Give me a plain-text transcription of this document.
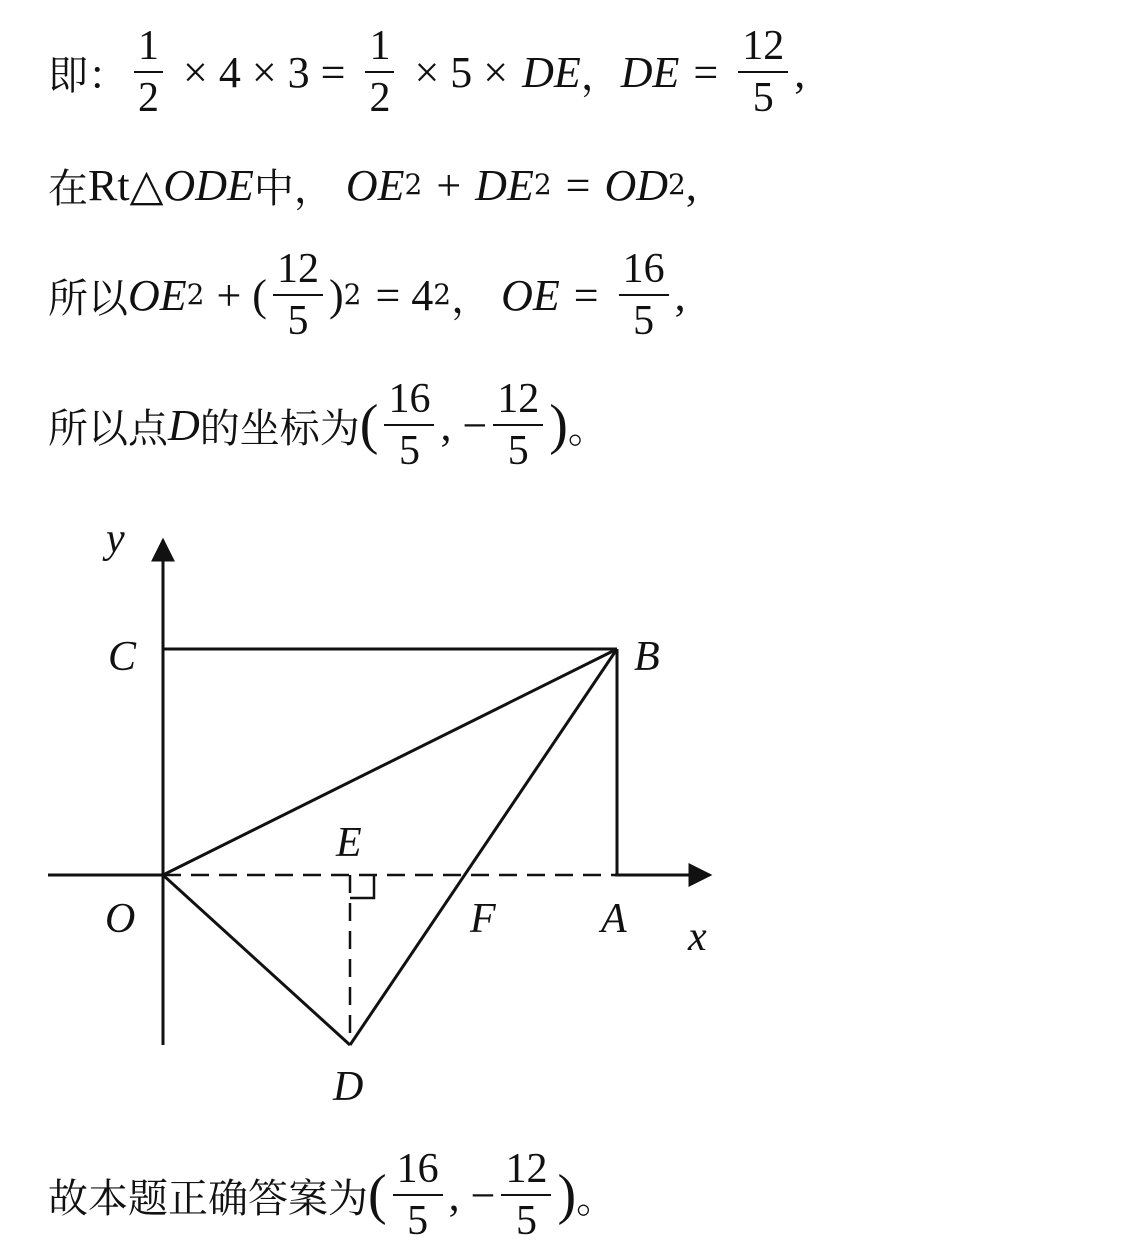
即： $\frac{1}{2} \times 4 \times 3 = \frac{1}{2} \times 5$ × DE ， DE = $\frac{12}{5}$ ,
在 Rt △ ODE 中， OE 2 + DE 2 = OD 2 ,
所以 OE 2 + ( $\frac{12}{5}$ ) 2 = 4 2 ， OE = $\frac{16}{5}$ ,
所以点 D 的坐标为 ( $\frac{16}{5}$ , − $\frac{12}{5}$ ) 。
y
C	B
E
O	F	A x
D
故本题正确答案为 ( $\frac{16}{5}$ , − $\frac{12}{5}$ ) 。
